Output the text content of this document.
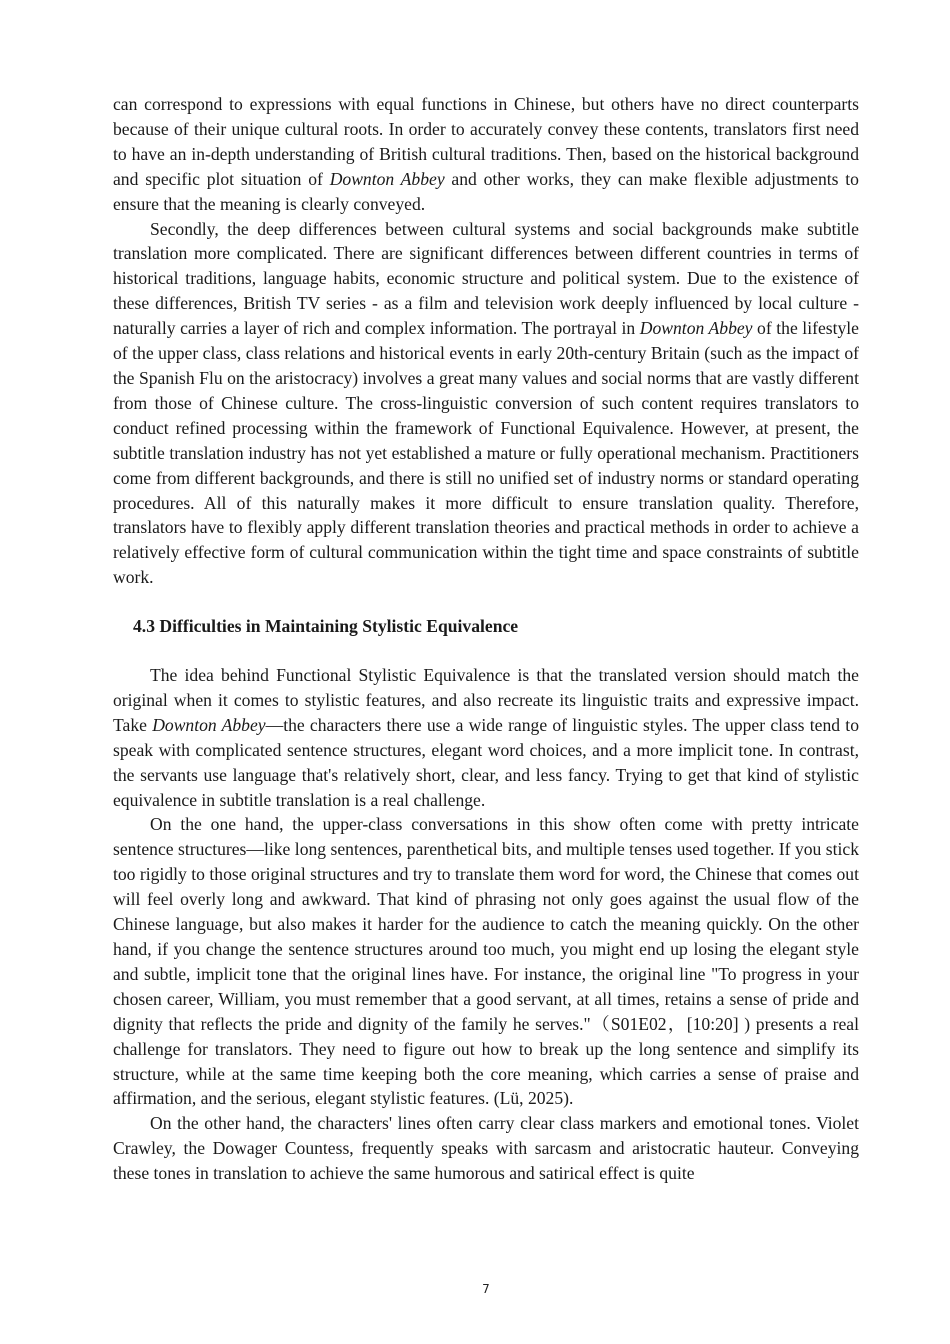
can correspond to expressions with equal functions in Chinese, but others have no direct counterparts because of their unique cultural roots. In order to accurately convey these contents, translators first need to have an in-depth understanding of British cultural traditions. Then, based on the historical background and specific plot situation of Downton Abbey and other works, they can make flexible adjustments to ensure that the meaning is clearly conveyed.

Secondly, the deep differences between cultural systems and social backgrounds make subtitle translation more complicated. There are significant differences between different countries in terms of historical traditions, language habits, economic structure and political system. Due to the existence of these differences, British TV series - as a film and television work deeply influenced by local culture - naturally carries a layer of rich and complex information. The portrayal in Downton Abbey of the lifestyle of the upper class, class relations and historical events in early 20th-century Britain (such as the impact of the Spanish Flu on the aristocracy) involves a great many values and social norms that are vastly different from those of Chinese culture. The cross-linguistic conversion of such content requires translators to conduct refined processing within the framework of Functional Equivalence. However, at present, the subtitle translation industry has not yet established a mature or fully operational mechanism. Practitioners come from different backgrounds, and there is still no unified set of industry norms or standard operating procedures. All of this naturally makes it more difficult to ensure translation quality. Therefore, translators have to flexibly apply different translation theories and practical methods in order to achieve a relatively effective form of cultural communication within the tight time and space constraints of subtitle work.

4.3 Difficulties in Maintaining Stylistic Equivalence

The idea behind Functional Stylistic Equivalence is that the translated version should match the original when it comes to stylistic features, and also recreate its linguistic traits and expressive impact. Take Downton Abbey—the characters there use a wide range of linguistic styles. The upper class tend to speak with complicated sentence structures, elegant word choices, and a more implicit tone. In contrast, the servants use language that's relatively short, clear, and less fancy. Trying to get that kind of stylistic equivalence in subtitle translation is a real challenge.

On the one hand, the upper-class conversations in this show often come with pretty intricate sentence structures—like long sentences, parenthetical bits, and multiple tenses used together. If you stick too rigidly to those original structures and try to translate them word for word, the Chinese that comes out will feel overly long and awkward. That kind of phrasing not only goes against the usual flow of the Chinese language, but also makes it harder for the audience to catch the meaning quickly. On the other hand, if you change the sentence structures around too much, you might end up losing the elegant style and subtle, implicit tone that the original lines have. For instance, the original line "To progress in your chosen career, William, you must remember that a good servant, at all times, retains a sense of pride and dignity that reflects the pride and dignity of the family he serves."（S01E02，[10:20] ) presents a real challenge for translators. They need to figure out how to break up the long sentence and simplify its structure, while at the same time keeping both the core meaning, which carries a sense of praise and affirmation, and the serious, elegant stylistic features. (Lü, 2025).

On the other hand, the characters' lines often carry clear class markers and emotional tones. Violet Crawley, the Dowager Countess, frequently speaks with sarcasm and aristocratic hauteur. Conveying these tones in translation to achieve the same humorous and satirical effect is quite

7
